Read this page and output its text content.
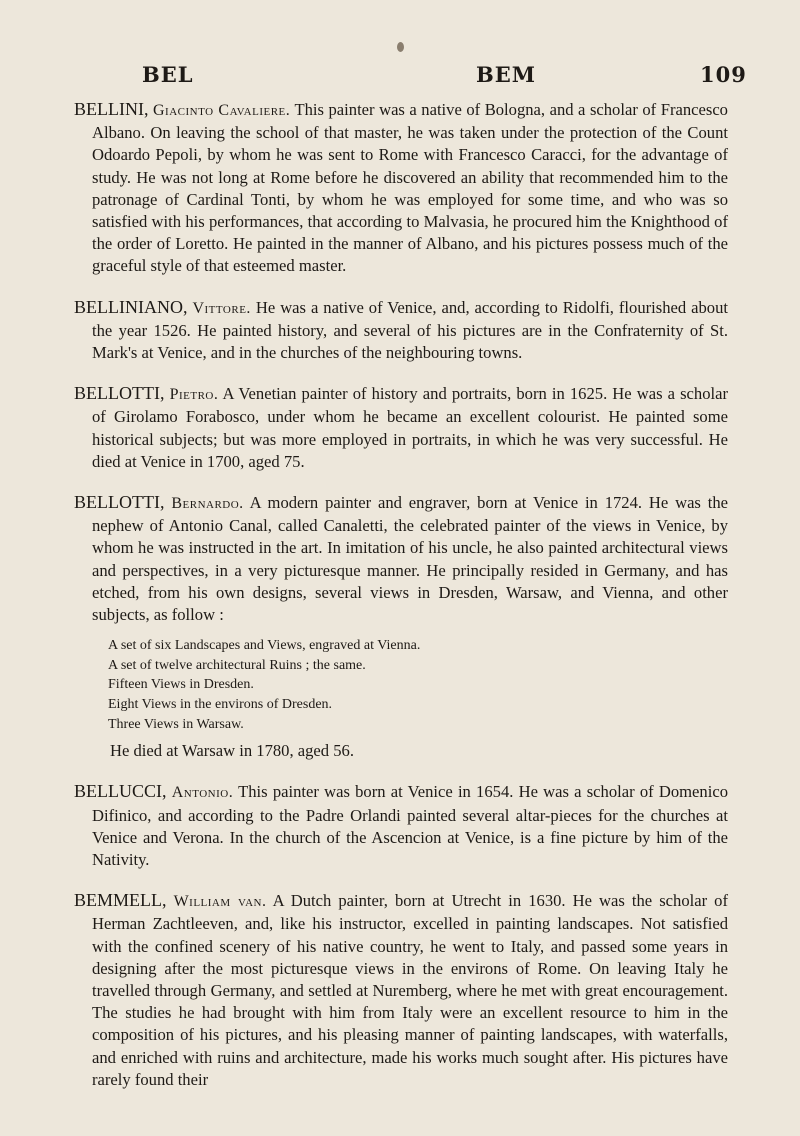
BEL	BEM	109

BELLINI, Giacinto Cavaliere. This painter was a native of Bologna, and a scholar of Francesco Albano. On leaving the school of that master, he was taken under the protection of the Count Odoardo Pepoli, by whom he was sent to Rome with Francesco Caracci, for the advantage of study. He was not long at Rome before he discovered an ability that recommended him to the patronage of Cardinal Tonti, by whom he was employed for some time, and who was so satisfied with his performances, that according to Malvasia, he procured him the Knighthood of the order of Loretto. He painted in the manner of Albano, and his pictures possess much of the graceful style of that esteemed master.

BELLINIANO, Vittore. He was a native of Venice, and, according to Ridolfi, flourished about the year 1526. He painted history, and several of his pictures are in the Confraternity of St. Mark's at Venice, and in the churches of the neighbouring towns.

BELLOTTI, Pietro. A Venetian painter of history and portraits, born in 1625. He was a scholar of Girolamo Forabosco, under whom he became an excellent colourist. He painted some historical subjects; but was more employed in portraits, in which he was very successful. He died at Venice in 1700, aged 75.

BELLOTTI, Bernardo. A modern painter and engraver, born at Venice in 1724. He was the nephew of Antonio Canal, called Canaletti, the celebrated painter of the views in Venice, by whom he was instructed in the art. In imitation of his uncle, he also painted architectural views and perspectives, in a very picturesque manner. He principally resided in Germany, and has etched, from his own designs, several views in Dresden, Warsaw, and Vienna, and other subjects, as follow :

A set of six Landscapes and Views, engraved at Vienna.
A set of twelve architectural Ruins ; the same.
Fifteen Views in Dresden.
Eight Views in the environs of Dresden.
Three Views in Warsaw.

He died at Warsaw in 1780, aged 56.

BELLUCCI, Antonio. This painter was born at Venice in 1654. He was a scholar of Domenico Difinico, and according to the Padre Orlandi painted several altar-pieces for the churches at Venice and Verona. In the church of the Ascencion at Venice, is a fine picture by him of the Nativity.

BEMMELL, William van. A Dutch painter, born at Utrecht in 1630. He was the scholar of Herman Zachtleeven, and, like his instructor, excelled in painting landscapes. Not satisfied with the confined scenery of his native country, he went to Italy, and passed some years in designing after the most picturesque views in the environs of Rome. On leaving Italy he travelled through Germany, and settled at Nuremberg, where he met with great encouragement. The studies he had brought with him from Italy were an excellent resource to him in the composition of his pictures, and his pleasing manner of painting landscapes, with waterfalls, and enriched with ruins and architecture, made his works much sought after. His pictures have rarely found their
